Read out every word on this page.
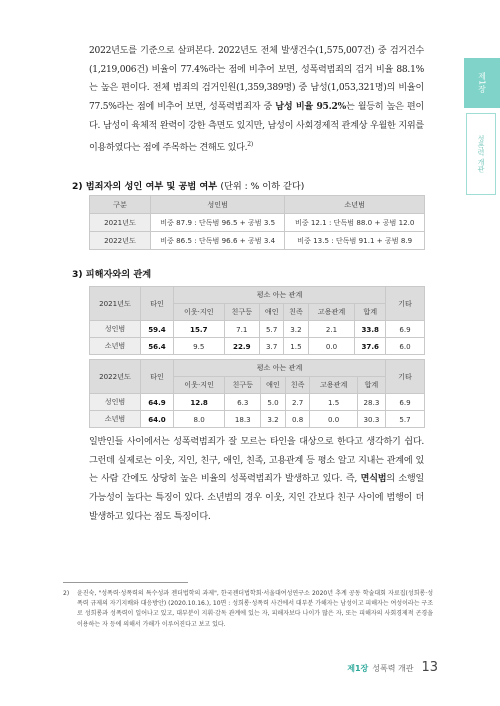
제1장
성폭력 개관

2022년도를 기준으로 살펴본다. 2022년도 전체 발생건수(1,575,007건) 중 검거건수(1,219,006건) 비율이 77.4%라는 점에 비추어 보면, 성폭력범죄의 검거 비율 88.1%는 높은 편이다. 전체 범죄의 검거인원(1,359,389명) 중 남성(1,053,321명)의 비율이 77.5%라는 점에 비추어 보면, 성폭력범죄자 중 남성 비율 95.2%는 월등히 높은 편이다. 남성이 육체적 완력이 강한 측면도 있지만, 남성이 사회경제적 관계상 우월한 지위를 이용하였다는 점에 주목하는 견해도 있다.$^{2)}$

2) 범죄자의 성인 여부 및 공범 여부 (단위 : % 이하 같다)
구분	성인범	소년범
2021년도	비중 87.9 : 단독범 96.5 + 공범 3.5	비중 12.1 : 단독범 88.0 + 공범 12.0
2022년도	비중 86.5 : 단독범 96.6 + 공범 3.4	비중 13.5 : 단독범 91.1 + 공범 8.9
3) 피해자와의 관계
2021년도	타인	평소 아는 관계						기타
		이웃·지인	친구등	애인	친족	고용관계	합계	
성인범	59.4	15.7	7.1	5.7	3.2	2.1	33.8	6.9
소년범	56.4	9.5	22.9	3.7	1.5	0.0	37.6	6.0
2022년도	타인	평소 아는 관계						기타
		이웃·지인	친구등	애인	친족	고용관계	합계	
성인범	64.9	12.8	6.3	5.0	2.7	1.5	28.3	6.9
소년범	64.0	8.0	18.3	3.2	0.8	0.0	30.3	5.7

일반인들 사이에서는 성폭력범죄가 잘 모르는 타인을 대상으로 한다고 생각하기 쉽다. 그런데 실제로는 이웃, 지인, 친구, 애인, 친족, 고용관계 등 평소 알고 지내는 관계에 있는 사람 간에도 상당히 높은 비율의 성폭력범죄가 발생하고 있다. 즉, 면식범의 소행일 가능성이 높다는 특징이 있다. 소년범의 경우 이웃, 지인 간보다 친구 사이에 범행이 더 발생하고 있다는 점도 특징이다.

2) 윤진숙, "성폭력·성폭력의 특수성과 젠더법학의 과제", 한국젠더법학회·서울대여성연구소 2020년 추계 공동 학술대회 자료집(성희롱·성폭력 규제의 자기지배와 대응방안) (2020.10.16.), 10면 : 성희롱·성폭력 사건에서 대부분 가해자는 남성이고 피해자는 여성이라는 구조로 성희롱과 성폭력이 일어나고 있고, 대부분이 지휘·감독 관계에 있는 자, 피해자보다 나이가 많은 자, 또는 피해자의 사회경제적 곤경을 이용하는 자 등에 의해서 가해가 이루어진다고 보고 있다.
제1장 성폭력 개관 13
